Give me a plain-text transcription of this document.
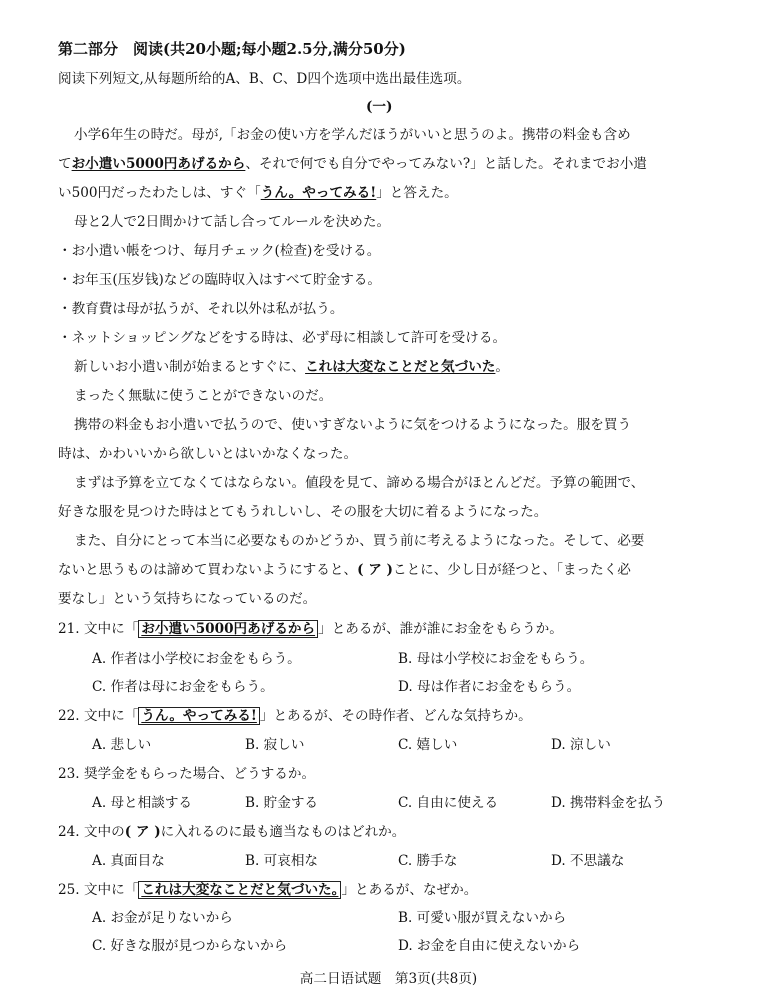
第二部分　阅读(共20小题;每小题2.5分,满分50分)
阅读下列短文,从每题所给的A、B、C、D四个选项中选出最佳选项。
(一)
小学6年生の時だ。母が,「お金の使い方を学んだほうがいいと思うのよ。携帯の料金も含め
てお小遣い5000円あげるから、それで何でも自分でやってみない?」と話した。それまでお小遣
い500円だったわたしは、すぐ「うん。やってみる!」と答えた。
母と2人で2日間かけて話し合ってルールを決めた。
・お小遣い帳をつけ、毎月チェック(检查)を受ける。
・お年玉(压岁钱)などの臨時収入はすべて貯金する。
・教育費は母が払うが、それ以外は私が払う。
・ネットショッピングなどをする時は、必ず母に相談して許可を受ける。
新しいお小遣い制が始まるとすぐに、これは大変なことだと気づいた。
まったく無駄に使うことができないのだ。
携帯の料金もお小遣いで払うので、使いすぎないように気をつけるようになった。服を買う
時は、かわいいから欲しいとはいかなくなった。
まずは予算を立てなくてはならない。値段を見て、諦める場合がほとんどだ。予算の範囲で、
好きな服を見つけた時はとてもうれしいし、その服を大切に着るようになった。
また、自分にとって本当に必要なものかどうか、買う前に考えるようになった。そして、必要
ないと思うものは諦めて買わないようにすると、( ア )ことに、少し日が経つと、「まったく必
要なし」という気持ちになっているのだ。
21. 文中に「 お小遣い5000円あげるから 」とあるが、誰が誰にお金をもらうか。
A. 作者は小学校にお金をもらう。	B. 母は小学校にお金をもらう。
C. 作者は母にお金をもらう。	D. 母は作者にお金をもらう。
22. 文中に「 うん。やってみる! 」とあるが、その時作者、どんな気持ちか。
A. 悲しい	B. 寂しい	C. 嬉しい	D. 涼しい
23. 奨学金をもらった場合、どうするか。
A. 母と相談する	B. 貯金する	C. 自由に使える	D. 携帯料金を払う
24. 文中の( ア )に入れるのに最も適当なものはどれか。
A. 真面目な	B. 可哀相な	C. 勝手な	D. 不思議な
25. 文中に「 これは大変なことだと気づいた。 」とあるが、なぜか。
A. お金が足りないから	B. 可愛い服が買えないから
C. 好きな服が見つからないから	D. お金を自由に使えないから
高二日语试题　第3页(共8页)
